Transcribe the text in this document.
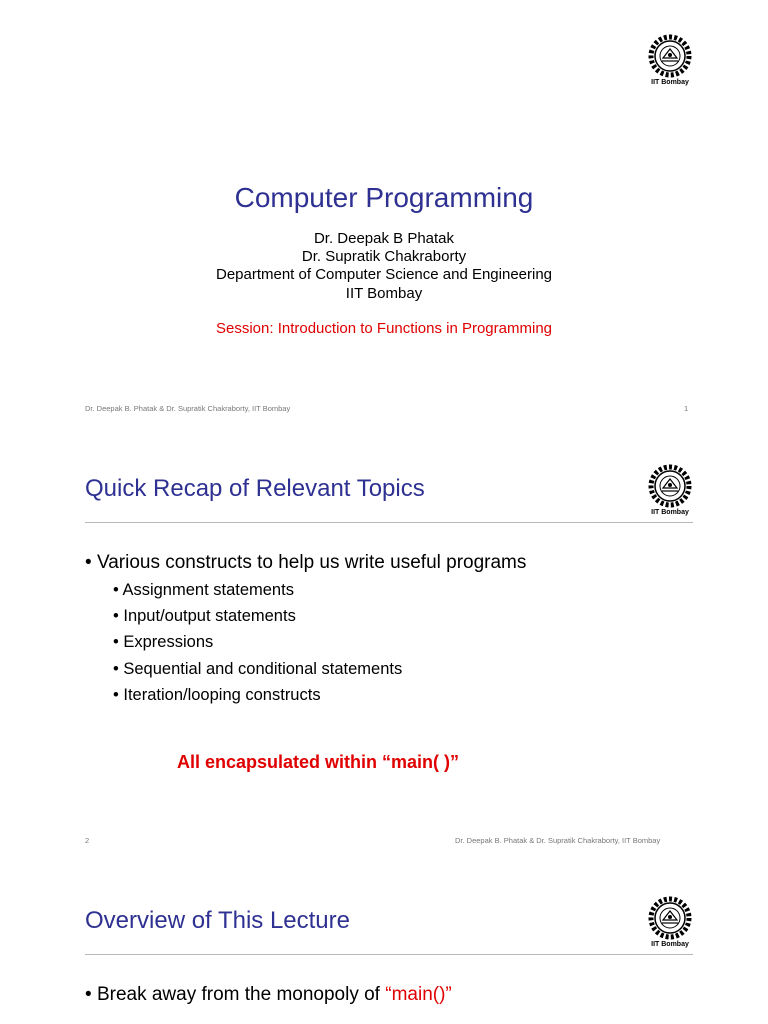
IIT Bombay
Computer Programming
Dr. Deepak B Phatak
Dr. Supratik Chakraborty
Department of Computer Science and Engineering
IIT Bombay
Session: Introduction to Functions in Programming
Dr. Deepak B. Phatak & Dr. Supratik Chakraborty, IIT Bombay	1
Quick Recap of Relevant Topics
IIT Bombay
• Various constructs to help us write useful programs
• Assignment statements
• Input/output statements
• Expressions
• Sequential and conditional statements
• Iteration/looping constructs
All encapsulated within “main( )”
2	Dr. Deepak B. Phatak & Dr. Supratik Chakraborty, IIT Bombay
Overview of This Lecture
IIT Bombay
• Break away from the monopoly of “main()”
